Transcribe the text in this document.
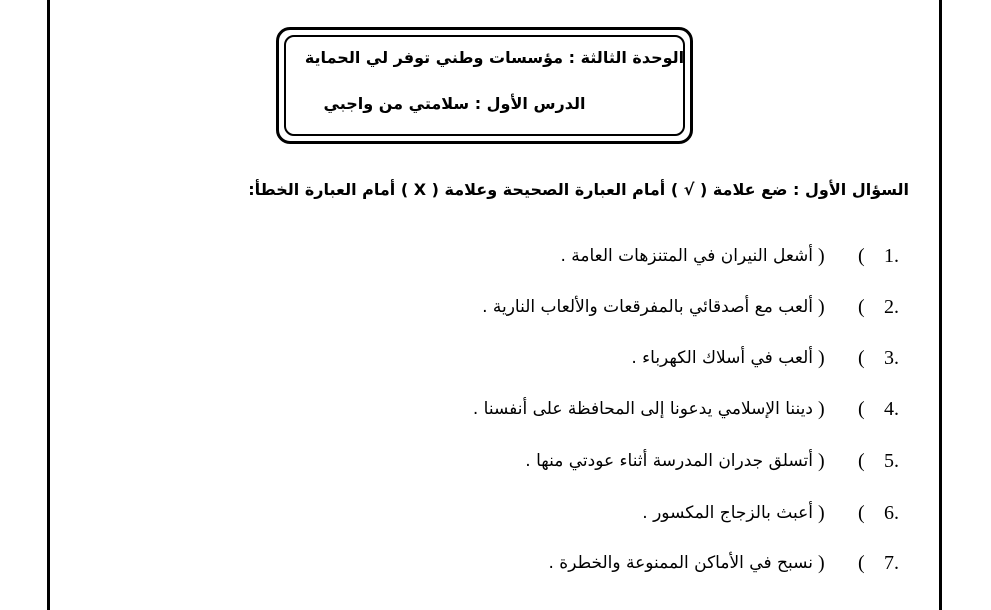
الوحدة الثالثة : مؤسسات وطني توفر لي الحماية
الدرس الأول : سلامتي من واجبي
السؤال الأول : ضع علامة ( √ ) أمام العبارة الصحيحة وعلامة ( X ) أمام العبارة الخطأ:
1.
(
)
أشعل النيران في المتنزهات العامة .
2.
(
)
ألعب مع أصدقائي بالمفرقعات والألعاب النارية .
3.
(
)
ألعب في أسلاك الكهرباء .
4.
(
)
ديننا الإسلامي يدعونا إلى المحافظة على أنفسنا .
5.
(
)
أتسلق جدران المدرسة أثناء عودتي منها .
6.
(
)
أعبث بالزجاج المكسور .
7.
(
)
نسبح في الأماكن الممنوعة والخطرة .
